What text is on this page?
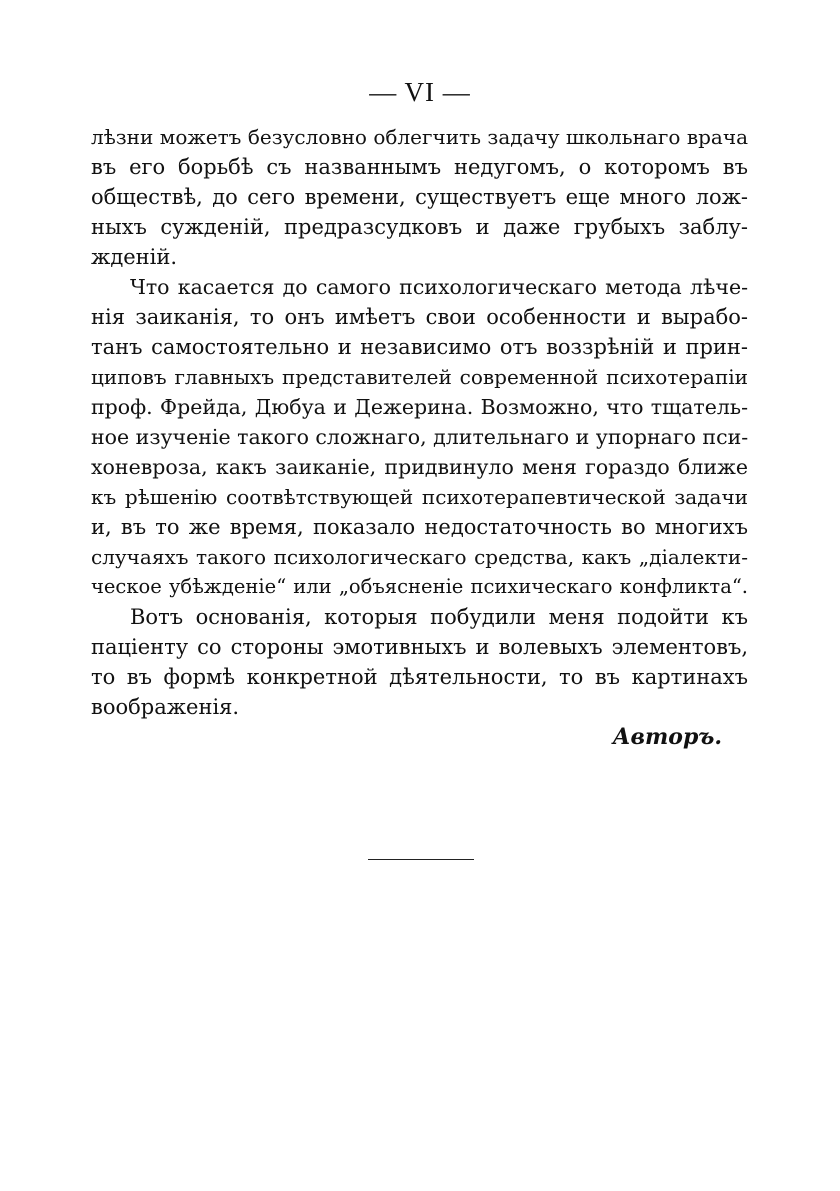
— VI —
лѣзни можетъ безусловно облегчить задачу школьнаго врача
въ его борьбѣ съ названнымъ недугомъ, о которомъ въ
обществѣ, до сего времени, существуетъ еще много лож-
ныхъ сужденій, предразсудковъ и даже грубыхъ заблу-
жденій.
Что касается до самого психологическаго метода лѣче-
нія заиканія, то онъ имѣетъ свои особенности и вырабо-
танъ самостоятельно и независимо отъ воззрѣній и прин-
циповъ главныхъ представителей современной психотерапіи
проф. Фрейда, Дюбуа и Дежерина. Возможно, что тщатель-
ное изученіе такого сложнаго, длительнаго и упорнаго пси-
хоневроза, какъ заиканіе, придвинуло меня гораздо ближе
къ рѣшенію соотвѣтствующей психотерапевтической задачи
и, въ то же время, показало недостаточность во многихъ
случаяхъ такого психологическаго средства, какъ „діалекти-
ческое убѣжденіе“ или „объясненіе психическаго конфликта“.
Вотъ основанія, которыя побудили меня подойти къ
паціенту со стороны эмотивныхъ и волевыхъ элементовъ,
то въ формѣ конкретной дѣятельности, то въ картинахъ
воображенія.
Авторъ.
